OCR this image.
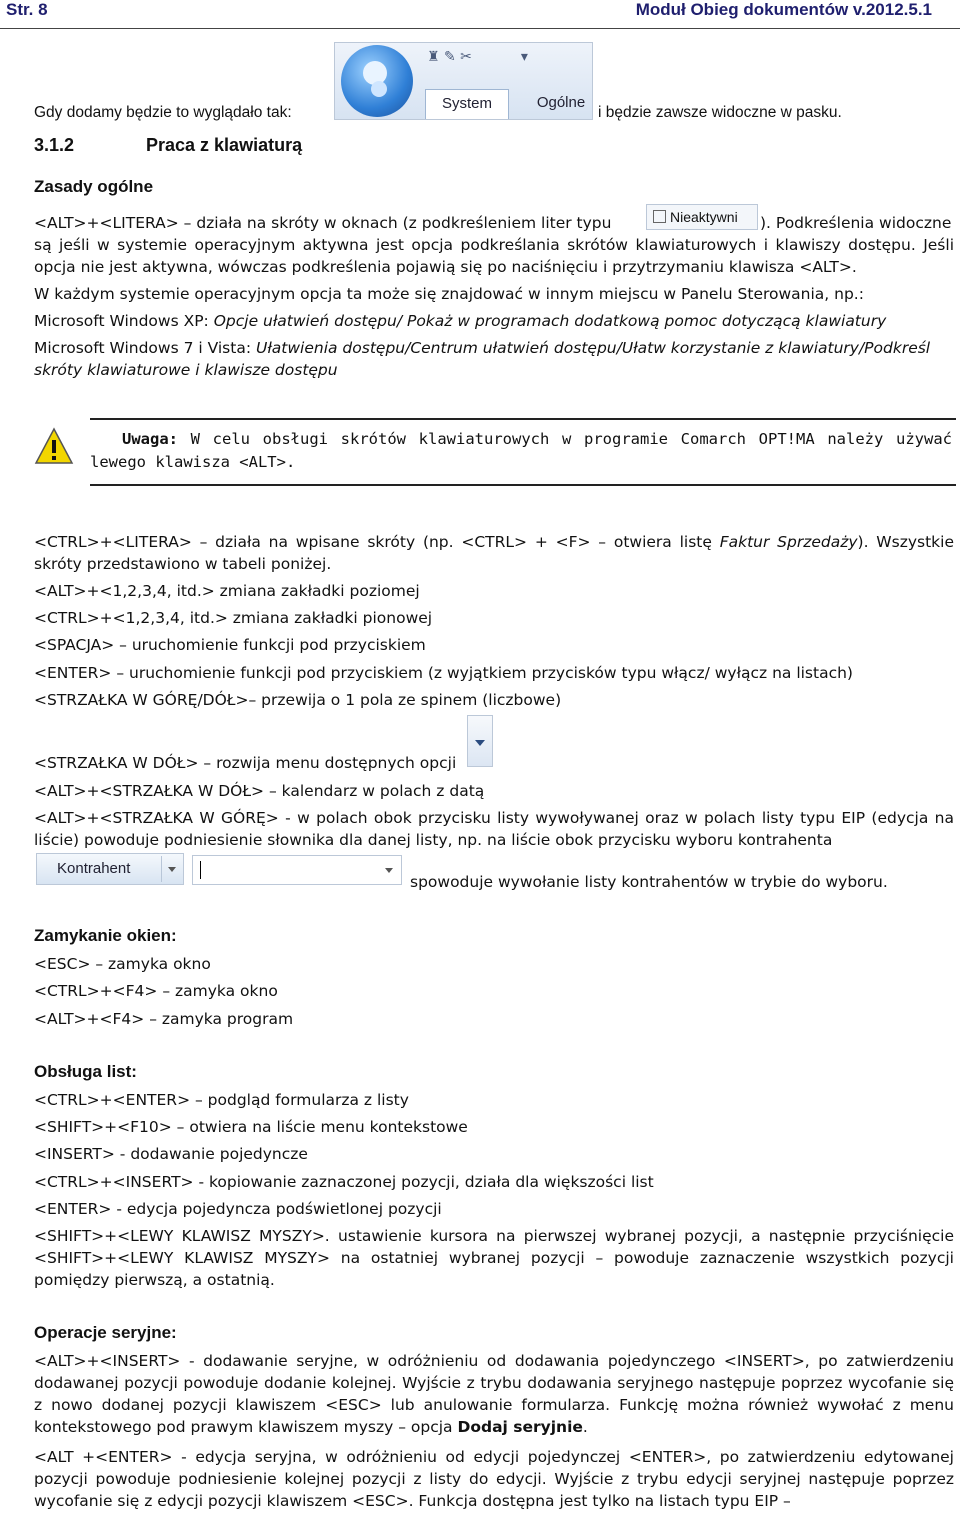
Str. 8	Moduł Obieg dokumentów v.2012.5.1
Gdy dodamy będzie to wyglądało tak:
♜ ✎ ✂           ▾
System	Ogólne
i będzie zawsze widoczne w pasku.
3.1.2	Praca z klawiaturą
Zasady ogólne
<ALT>+<LITERA> – działa na skróty w oknach (z podkreśleniem liter typu	Nieaktywni	). Podkreślenia widoczne
są jeśli w systemie operacyjnym aktywna jest opcja podkreślania skrótów klawiaturowych i klawiszy dostępu. Jeśli opcja nie jest aktywna, wówczas podkreślenia pojawią się po naciśnięciu i przytrzymaniu klawisza <ALT>.
W każdym systemie operacyjnym opcja ta może się znajdować w innym miejscu w Panelu Sterowania, np.:
Microsoft Windows XP: Opcje ułatwień dostępu/ Pokaż w programach dodatkową pomoc dotyczącą klawiatury
Microsoft Windows 7 i Vista: Ułatwienia dostępu/Centrum ułatwień dostępu/Ułatw korzystanie z klawiatury/Podkreśl skróty klawiaturowe i klawisze dostępu
Uwaga: W celu obsługi skrótów klawiaturowych w programie Comarch OPT!MA należy używać lewego klawisza <ALT>.
<CTRL>+<LITERA> – działa na wpisane skróty (np. <CTRL> + <F> – otwiera listę Faktur Sprzedaży). Wszystkie skróty przedstawiono w tabeli poniżej.
<ALT>+<1,2,3,4, itd.> zmiana zakładki poziomej
<CTRL>+<1,2,3,4, itd.> zmiana zakładki pionowej
<SPACJA> – uruchomienie funkcji pod przyciskiem
<ENTER> – uruchomienie funkcji pod przyciskiem (z wyjątkiem przycisków typu włącz/ wyłącz na listach)
<STRZAŁKA W GÓRĘ/DÓŁ>– przewija o 1 pola ze spinem (liczbowe)
<STRZAŁKA W DÓŁ> – rozwija menu dostępnych opcji
<ALT>+<STRZAŁKA W DÓŁ> – kalendarz w polach z datą
<ALT>+<STRZAŁKA W GÓRĘ> - w polach obok przycisku listy wywoływanej oraz w polach listy typu EIP (edycja na liście) powoduje podniesienie słownika dla danej listy, np. na liście obok przycisku wyboru kontrahenta
Kontrahent
spowoduje wywołanie listy kontrahentów w trybie do wyboru.
Zamykanie okien:
<ESC> – zamyka okno
<CTRL>+<F4> – zamyka okno
<ALT>+<F4> – zamyka program
Obsługa list:
<CTRL>+<ENTER> – podgląd formularza z listy
<SHIFT>+<F10> – otwiera na liście menu kontekstowe
<INSERT> - dodawanie pojedyncze
<CTRL>+<INSERT> - kopiowanie zaznaczonej pozycji, działa dla większości list
<ENTER> - edycja pojedyncza podświetlonej pozycji
<SHIFT>+<LEWY KLAWISZ MYSZY>. ustawienie kursora na pierwszej wybranej pozycji, a następnie przyciśnięcie <SHIFT>+<LEWY KLAWISZ MYSZY> na ostatniej wybranej pozycji – powoduje zaznaczenie wszystkich pozycji pomiędzy pierwszą, a ostatnią.
Operacje seryjne:
<ALT>+<INSERT> - dodawanie seryjne, w odróżnieniu od dodawania pojedynczego <INSERT>, po zatwierdzeniu dodawanej pozycji powoduje dodanie kolejnej. Wyjście z trybu dodawania seryjnego następuje poprzez wycofanie się z nowo dodanej pozycji klawiszem <ESC> lub anulowanie formularza. Funkcję można również wywołać z menu kontekstowego pod prawym klawiszem myszy – opcja Dodaj seryjnie.
<ALT +<ENTER> - edycja seryjna, w odróżnieniu od edycji pojedynczej <ENTER>, po zatwierdzeniu edytowanej pozycji powoduje podniesienie kolejnej pozycji z listy do edycji. Wyjście z trybu edycji seryjnej następuje poprzez wycofanie się z edycji pozycji klawiszem <ESC>. Funkcja dostępna jest tylko na listach typu EIP –
